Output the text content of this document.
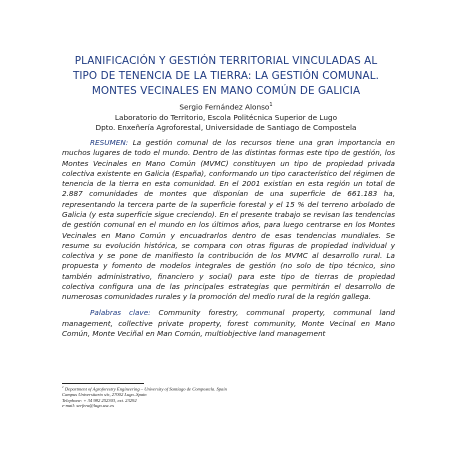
PLANIFICACIÓN Y GESTIÓN TERRITORIAL VINCULADAS AL
TIPO DE TENENCIA DE LA TIERRA: LA GESTIÓN COMUNAL.
MONTES VECINALES EN MANO COMÚN DE GALICIA
Sergio Fernández Alonso$^1$
Laboratorio do Territorio, Escola Politécnica Superior de Lugo
Dpto. Enxeñería Agroforestal, Universidade de Santiago de Compostela
RESUMEN: La gestión comunal de los recursos tiene una gran importancia en muchos lugares de todo el mundo. Dentro de las distintas formas este tipo de gestión, los Montes Vecinales en Mano Común (MVMC) constituyen un tipo de propiedad privada colectiva existente en Galicia (España), conformando un tipo característico del régimen de tenencia de la tierra en esta comunidad. En el 2001 existían en esta región un total de 2.887 comunidades de montes que disponían de una superficie de 661.183 ha, representando la tercera parte de la superficie forestal y el 15 % del terreno arbolado de Galicia (y esta superficie sigue creciendo). En el presente trabajo se revisan las tendencias de gestión comunal en el mundo en los últimos años, para luego centrarse en los Montes Vecinales en Mano Común y encuadrarlos dentro de esas tendencias mundiales. Se resume su evolución histórica, se compara con otras figuras de propiedad individual y colectiva y se pone de manifiesto la contribución de los MVMC al desarrollo rural. La propuesta y fomento de modelos integrales de gestión (no solo de tipo técnico, sino también administrativo, financiero y social) para este tipo de tierras de propiedad colectiva configura una de las principales estrategias que permitirán el desarrollo de numerosas comunidades rurales y la promoción del medio rural de la región gallega.
Palabras clave: Community forestry, communal property, communal land management, collective private property, forest community, Monte Vecinal en Mano Común, Monte Veciñal en Man Común, multiobjective land management
$^1$ Department of Agroforestry Engineering – University of Santiago de Compostela. Spain
Campus Universitario s/n, 27002 Lugo–Spain
Telephone: + 34 982 252303, ext. 23292
e-mail: serfera@lugo.usc.es
